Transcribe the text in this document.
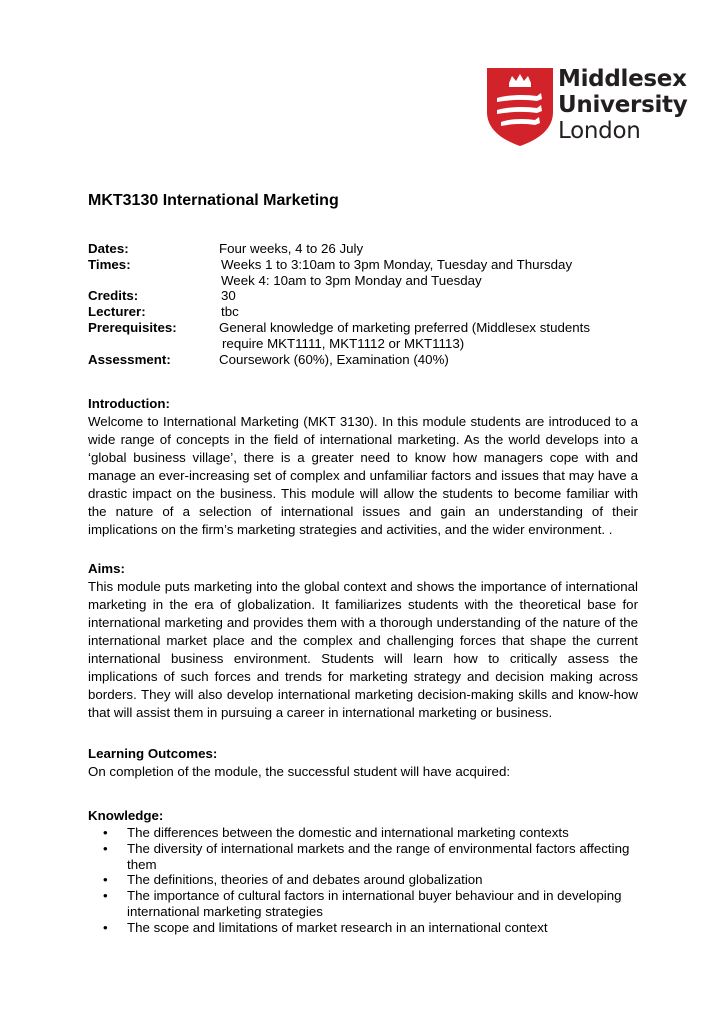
Middlesex
University
London
MKT3130 International Marketing
Dates:	Four weeks, 4 to 26 July
Times:	Weeks 1 to 3:10am to 3pm Monday, Tuesday and Thursday
Week 4: 10am to 3pm Monday and Tuesday
Credits:	30
Lecturer:	tbc
Prerequisites:	General knowledge of marketing preferred (Middlesex students
require MKT1111, MKT1112 or MKT1113)
Assessment:	Coursework (60%), Examination (40%)
Introduction:

Welcome to International Marketing (MKT 3130). In this module students are introduced to a wide range of concepts in the field of international marketing. As the world develops into a ‘global business village’, there is a greater need to know how managers cope with and manage an ever-increasing set of complex and unfamiliar factors and issues that may have a drastic impact on the business. This module will allow the students to become familiar with the nature of a selection of international issues and gain an understanding of their implications on the firm’s marketing strategies and activities, and the wider environment. .

Aims:

This module puts marketing into the global context and shows the importance of international marketing in the era of globalization. It familiarizes students with the theoretical base for international marketing and provides them with a thorough understanding of the nature of the international market place and the complex and challenging forces that shape the current international business environment. Students will learn how to critically assess the implications of such forces and trends for marketing strategy and decision making across borders. They will also develop international marketing decision-making skills and know-how that will assist them in pursuing a career in international marketing or business.

Learning Outcomes:

On completion of the module, the successful student will have acquired:

Knowledge:
• The differences between the domestic and international marketing contexts
• The diversity of international markets and the range of environmental factors affecting them
• The definitions, theories of and debates around globalization
• The importance of cultural factors in international buyer behaviour and in developing international marketing strategies
• The scope and limitations of market research in an international context
